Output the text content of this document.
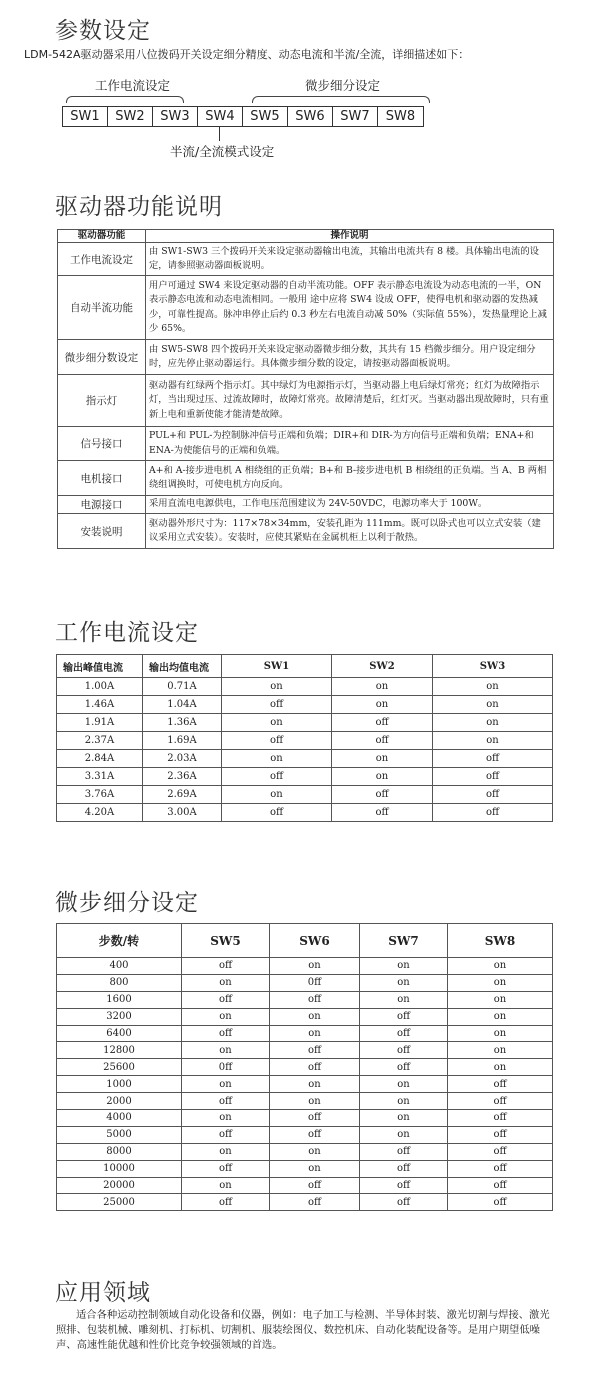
参数设定
LDM-542A驱动器采用八位拨码开关设定细分精度、动态电流和半流/全流，详细描述如下：
工作电流设定	微步细分设定
SW1	SW2	SW3	SW4	SW5	SW6	SW7	SW8
半流/全流模式设定
驱动器功能说明
驱动器功能	操作说明
工作电流设定	由 SW1-SW3 三个拨码开关来设定驱动器输出电流，其输出电流共有 8 楼。具体输出电流的设定，请参照驱动器面板说明。
自动半流功能	用户可通过 SW4 来设定驱动器的自动半流功能。OFF 表示静态电流设为动态电流的一半，ON 表示静态电流和动态电流相同。一般用 途中应将 SW4 设成 OFF，使得电机和驱动器的发热减少，可靠性提高。脉冲串停止后约 0.3 秒左右电流自动减 50%（实际值 55%），发热量理论上减少 65%。
微步细分数设定	由 SW5-SW8 四个拨码开关来设定驱动器微步细分数，其共有 15 档微步细分。用户设定细分时，应先停止驱动器运行。具体微步细分数的设定，请按驱动器面板说明。
指示灯	驱动器有红绿两个指示灯。其中绿灯为电源指示灯，当驱动器上电后绿灯常亮；红灯为故障指示灯，当出现过压、过流故障时，故障灯常亮。故障清楚后，红灯灭。当驱动器出现故障时，只有重新上电和重新使能才能清楚故障。
信号接口	PUL+和 PUL-为控制脉冲信号正端和负端；DIR+和 DIR-为方向信号正端和负端；ENA+和 ENA-为使能信号的正端和负端。
电机接口	A+和 A-接步进电机 A 相绕组的正负端；B+和 B-接步进电机 B 相绕组的正负端。当 A、B 两相绕组调换时，可使电机方向反向。
电源接口	采用直流电电源供电，工作电压范围建议为 24V-50VDC，电源功率大于 100W。
安装说明	驱动器外形尺寸为：117×78×34mm，安装孔距为 111mm。既可以卧式也可以立式安装（建议采用立式安装）。安装时，应使其紧贴在金属机柜上以利于散热。
工作电流设定
输出峰值电流	输出均值电流	SW1	SW2	SW3
1.00A	0.71A	on	on	on
1.46A	1.04A	off	on	on
1.91A	1.36A	on	off	on
2.37A	1.69A	off	off	on
2.84A	2.03A	on	on	off
3.31A	2.36A	off	on	off
3.76A	2.69A	on	off	off
4.20A	3.00A	off	off	off
微步细分设定
步数/转	SW5	SW6	SW7	SW8
400	off	on	on	on
800	on	0ff	on	on
1600	off	off	on	on
3200	on	on	off	on
6400	off	on	off	on
12800	on	off	off	on
25600	0ff	off	off	on
1000	on	on	on	off
2000	off	on	on	off
4000	on	off	on	off
5000	off	off	on	off
8000	on	on	off	off
10000	off	on	off	off
20000	on	off	off	off
25000	off	off	off	off
应用领域
适合各种运动控制领域自动化设备和仪器，例如：电子加工与检测、半导体封装、激光切割与焊接、激光照排、包装机械、雕刻机、打标机、切割机、服装绘图仪、数控机床、自动化装配设备等。是用户期望低噪声、高速性能优越和性价比竞争较强领域的首选。
